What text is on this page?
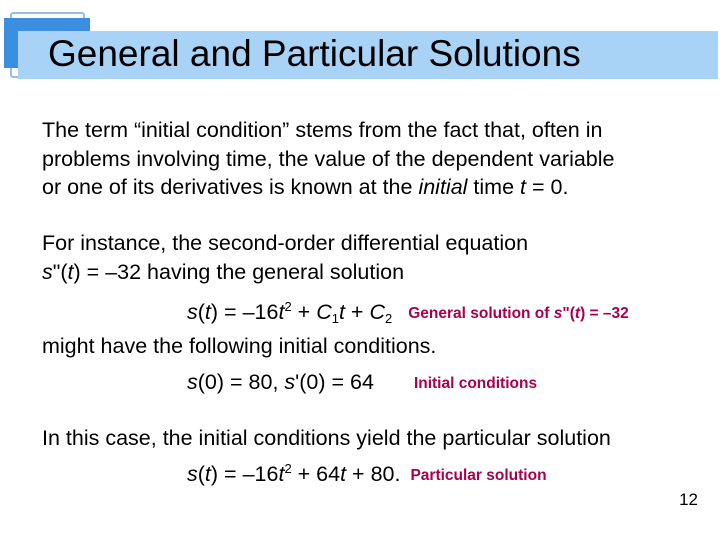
General and Particular Solutions

The term “initial condition” stems from the fact that, often in

problems involving time, the value of the dependent variable

or one of its derivatives is known at the initial time t = 0.

For instance, the second-order differential equation

s"(t) = –32 having the general solution

$s(t) = -16t^2 + C_1t + C_2$ General solution of s"(t) = –32
might have the following initial conditions.
s(0) = 80, s'(0) = 64	Initial conditions
In this case, the initial conditions yield the particular solution
$s(t) = -16t^2 + 64t + 80$. Particular solution
12
